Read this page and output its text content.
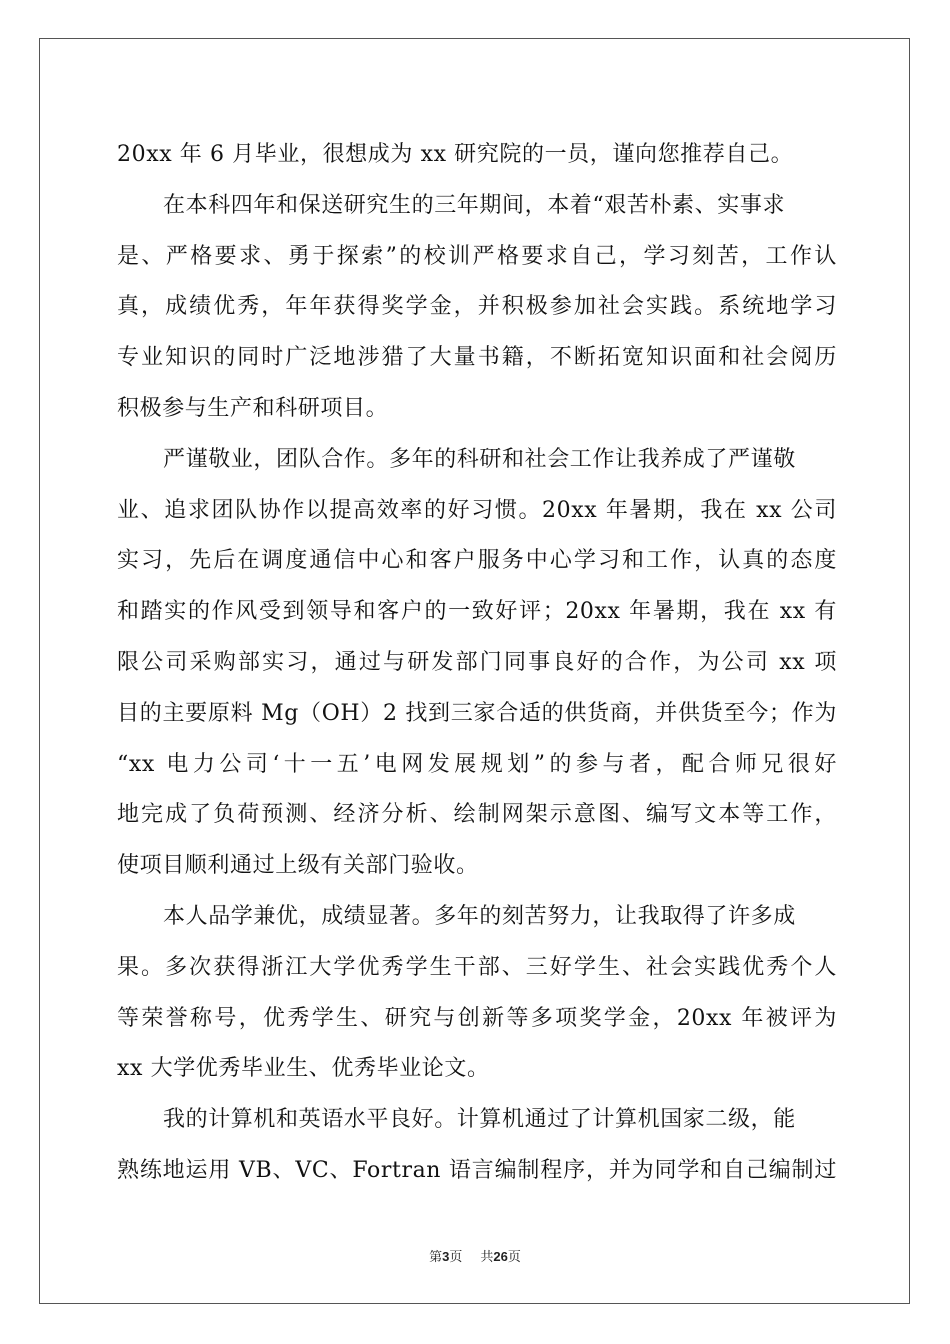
20xx 年 6 月毕业，很想成为 xx 研究院的一员，谨向您推荐自己。
在本科四年和保送研究生的三年期间，本着“艰苦朴素、实事求
是、严格要求、勇于探索”的校训严格要求自己，学习刻苦，工作认
真，成绩优秀，年年获得奖学金，并积极参加社会实践。系统地学习
专业知识的同时广泛地涉猎了大量书籍，不断拓宽知识面和社会阅历
积极参与生产和科研项目。
严谨敬业，团队合作。多年的科研和社会工作让我养成了严谨敬
业、追求团队协作以提高效率的好习惯。20xx 年暑期，我在 xx 公司
实习，先后在调度通信中心和客户服务中心学习和工作，认真的态度
和踏实的作风受到领导和客户的一致好评；20xx 年暑期，我在 xx 有
限公司采购部实习，通过与研发部门同事良好的合作，为公司 xx 项
目的主要原料 Mg（OH）2 找到三家合适的供货商，并供货至今；作为
“xx 电力公司‘十一五’电网发展规划”的参与者，配合师兄很好
地完成了负荷预测、经济分析、绘制网架示意图、编写文本等工作，
使项目顺利通过上级有关部门验收。
本人品学兼优，成绩显著。多年的刻苦努力，让我取得了许多成
果。多次获得浙江大学优秀学生干部、三好学生、社会实践优秀个人
等荣誉称号，优秀学生、研究与创新等多项奖学金，20xx 年被评为
xx 大学优秀毕业生、优秀毕业论文。
我的计算机和英语水平良好。计算机通过了计算机国家二级，能
熟练地运用 VB、VC、Fortran 语言编制程序，并为同学和自己编制过
第3页 共26页
